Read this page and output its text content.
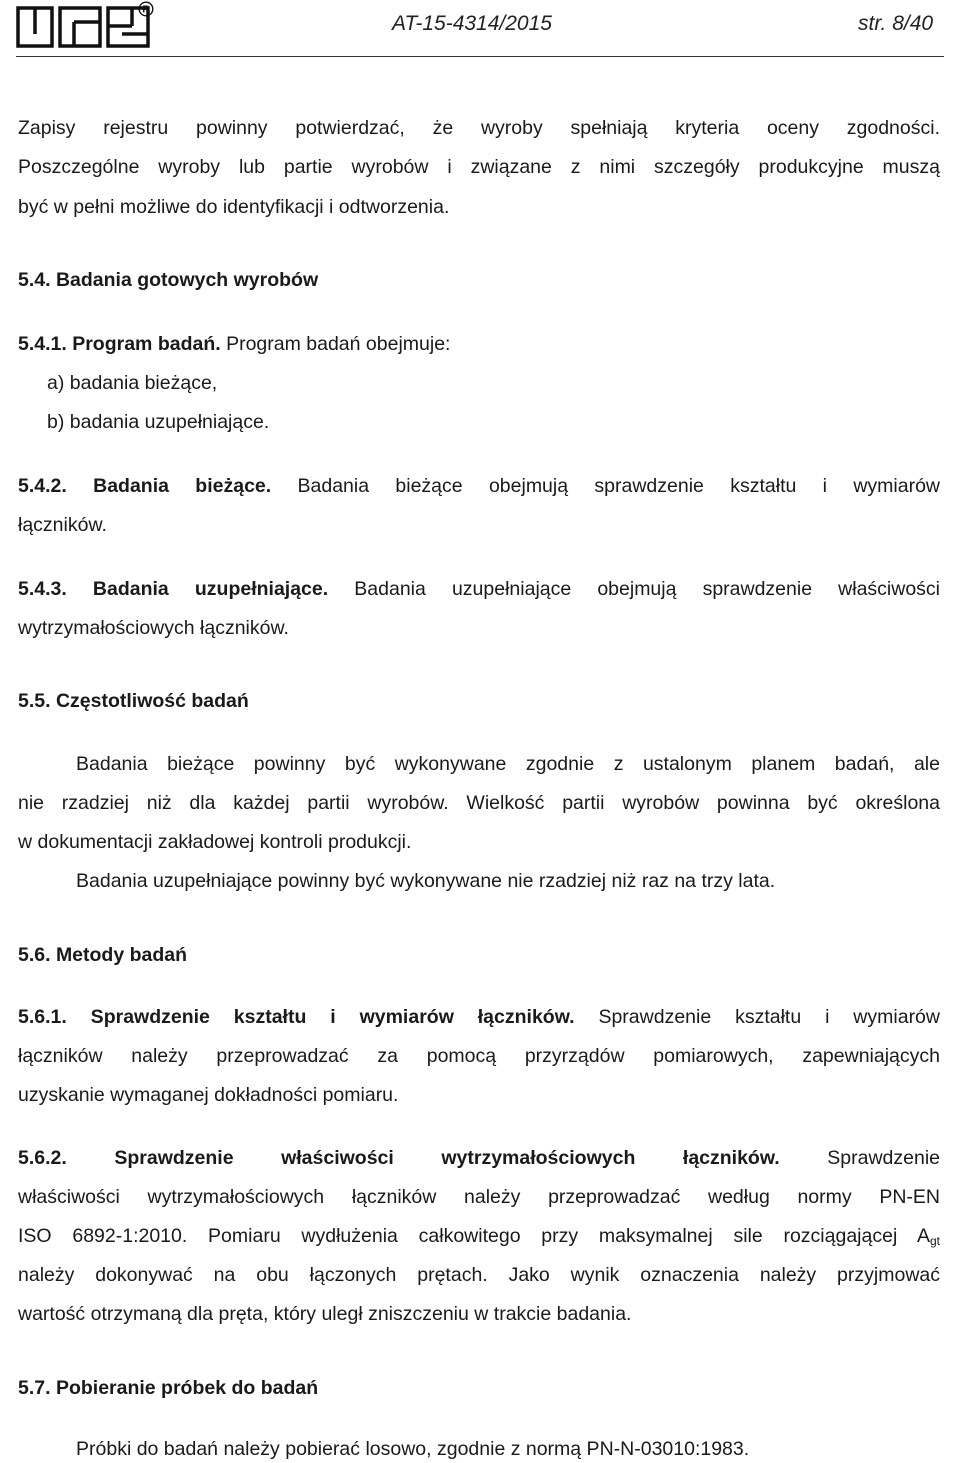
R
AT-15-4314/2015	str. 8/40
Zapisy rejestru powinny potwierdzać, że wyroby spełniają kryteria oceny zgodności.
Poszczególne wyroby lub partie wyrobów i związane z nimi szczegóły produkcyjne muszą
być w pełni możliwe do identyfikacji i odtworzenia.
5.4. Badania gotowych wyrobów
5.4.1. Program badań. Program badań obejmuje:
a) badania bieżące,
b) badania uzupełniające.
5.4.2. Badania bieżące. Badania bieżące obejmują sprawdzenie kształtu i wymiarów
łączników.
5.4.3. Badania uzupełniające. Badania uzupełniające obejmują sprawdzenie właściwości
wytrzymałościowych łączników.
5.5. Częstotliwość badań
Badania bieżące powinny być wykonywane zgodnie z ustalonym planem badań, ale
nie rzadziej niż dla każdej partii wyrobów. Wielkość partii wyrobów powinna być określona
w dokumentacji zakładowej kontroli produkcji.
Badania uzupełniające powinny być wykonywane nie rzadziej niż raz na trzy lata.
5.6. Metody badań
5.6.1. Sprawdzenie kształtu i wymiarów łączników. Sprawdzenie kształtu i wymiarów
łączników należy przeprowadzać za pomocą przyrządów pomiarowych, zapewniających
uzyskanie wymaganej dokładności pomiaru.
5.6.2. Sprawdzenie właściwości wytrzymałościowych łączników. Sprawdzenie
właściwości wytrzymałościowych łączników należy przeprowadzać według normy PN-EN
ISO 6892-1:2010. Pomiaru wydłużenia całkowitego przy maksymalnej sile rozciągającej $A_{gt}$
należy dokonywać na obu łączonych prętach. Jako wynik oznaczenia należy przyjmować
wartość otrzymaną dla pręta, który uległ zniszczeniu w trakcie badania.
5.7. Pobieranie próbek do badań
Próbki do badań należy pobierać losowo, zgodnie z normą PN-N-03010:1983.
